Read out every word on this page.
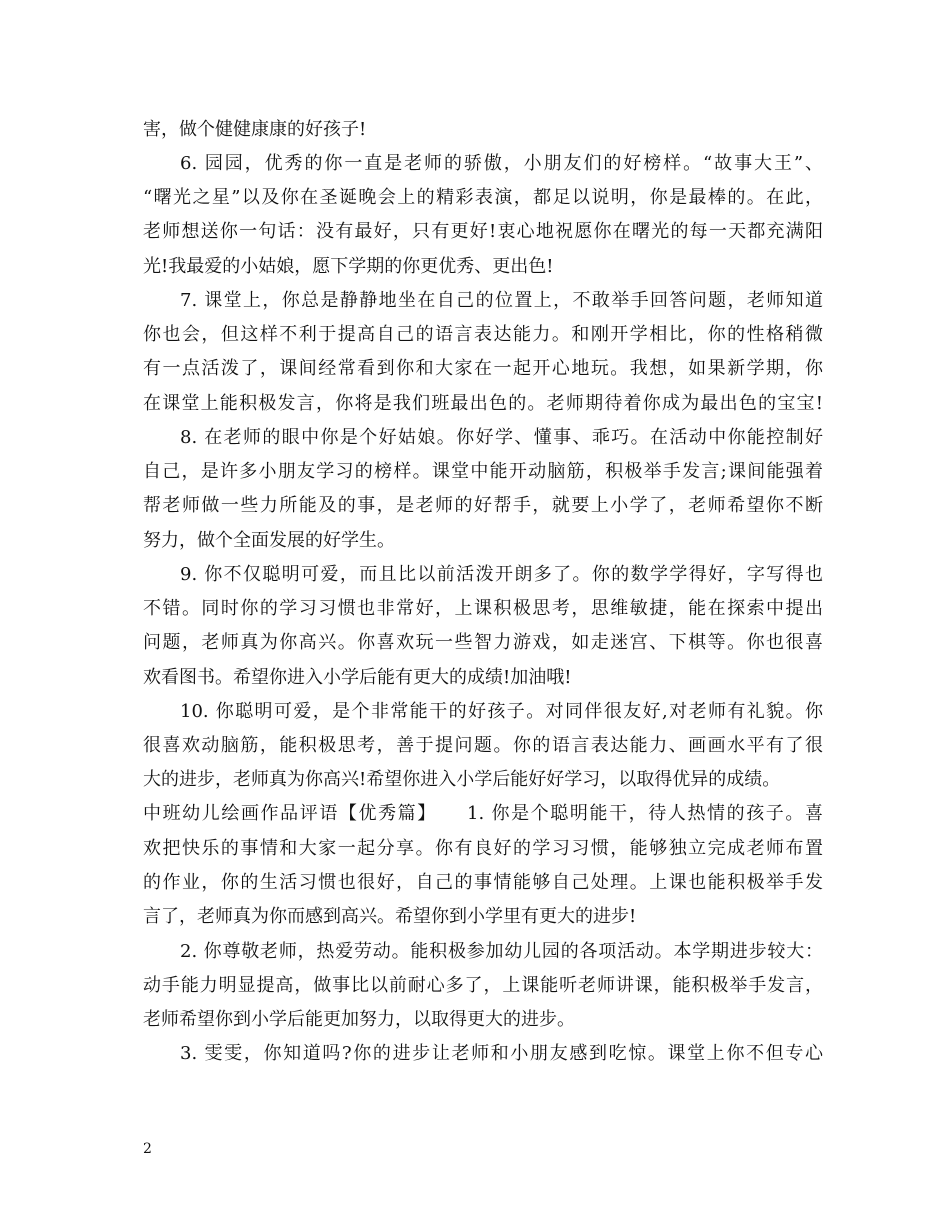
害，做个健健康康的好孩子!
6. 园园，优秀的你一直是老师的骄傲，小朋友们的好榜样。“故事大王”、
“曙光之星”以及你在圣诞晚会上的精彩表演，都足以说明，你是最棒的。在此，
老师想送你一句话：没有最好，只有更好!衷心地祝愿你在曙光的每一天都充满阳
光!我最爱的小姑娘，愿下学期的你更优秀、更出色!
7. 课堂上，你总是静静地坐在自己的位置上，不敢举手回答问题，老师知道
你也会，但这样不利于提高自己的语言表达能力。和刚开学相比，你的性格稍微
有一点活泼了，课间经常看到你和大家在一起开心地玩。我想，如果新学期，你
在课堂上能积极发言，你将是我们班最出色的。老师期待着你成为最出色的宝宝!
8. 在老师的眼中你是个好姑娘。你好学、懂事、乖巧。在活动中你能控制好
自己，是许多小朋友学习的榜样。课堂中能开动脑筋，积极举手发言;课间能强着
帮老师做一些力所能及的事，是老师的好帮手，就要上小学了，老师希望你不断
努力，做个全面发展的好学生。
9. 你不仅聪明可爱，而且比以前活泼开朗多了。你的数学学得好，字写得也
不错。同时你的学习习惯也非常好，上课积极思考，思维敏捷，能在探索中提出
问题，老师真为你高兴。你喜欢玩一些智力游戏，如走迷宫、下棋等。你也很喜
欢看图书。希望你进入小学后能有更大的成绩!加油哦!
10. 你聪明可爱，是个非常能干的好孩子。对同伴很友好,对老师有礼貌。你
很喜欢动脑筋，能积极思考，善于提问题。你的语言表达能力、画画水平有了很
大的进步，老师真为你高兴!希望你进入小学后能好好学习，以取得优异的成绩。
中班幼儿绘画作品评语【优秀篇】　　1. 你是个聪明能干，待人热情的孩子。喜
欢把快乐的事情和大家一起分享。你有良好的学习习惯，能够独立完成老师布置
的作业，你的生活习惯也很好，自己的事情能够自己处理。上课也能积极举手发
言了，老师真为你而感到高兴。希望你到小学里有更大的进步!
2. 你尊敬老师，热爱劳动。能积极参加幼儿园的各项活动。本学期进步较大：
动手能力明显提高，做事比以前耐心多了，上课能听老师讲课，能积极举手发言，
老师希望你到小学后能更加努力，以取得更大的进步。
3. 雯雯，你知道吗?你的进步让老师和小朋友感到吃惊。课堂上你不但专心
2
